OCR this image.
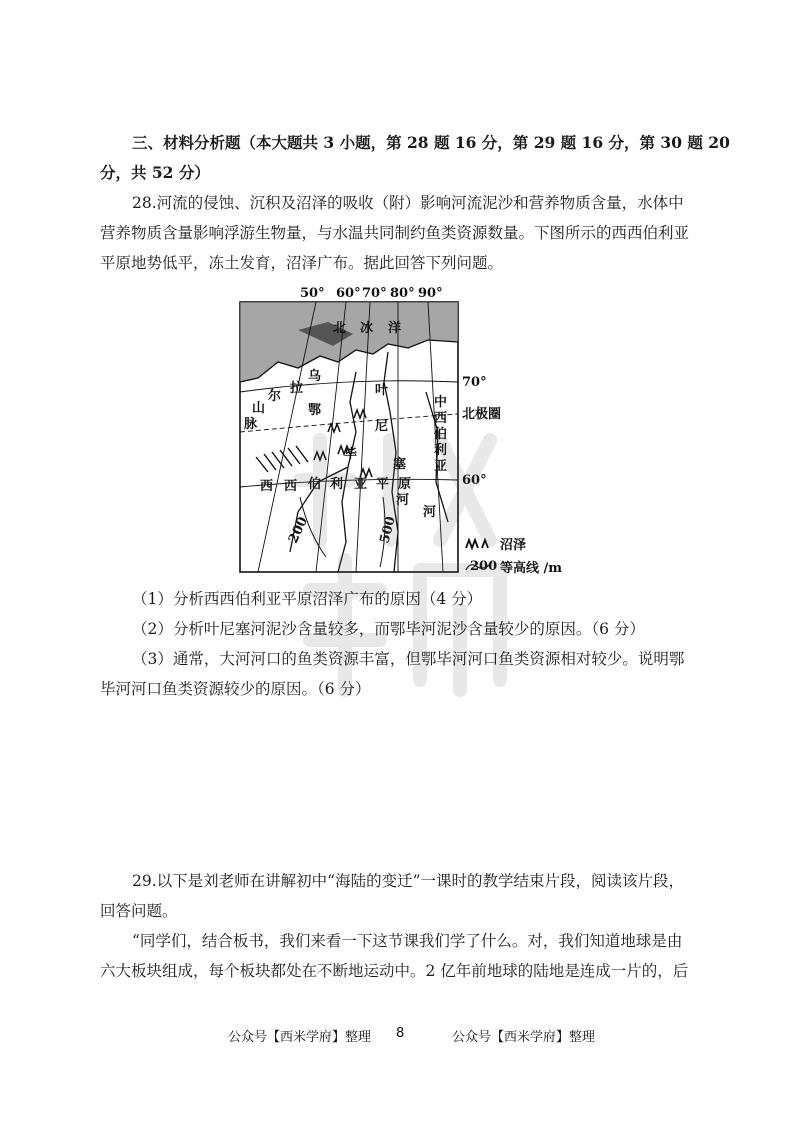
三、材料分析题（本大题共 3 小题，第 28 题 16 分，第 29 题 16 分，第 30 题 20
分，共 52 分）

28.河流的侵蚀、沉积及沼泽的吸收（附）影响河流泥沙和营养物质含量，水体中
营养物质含量影响浮游生物量，与水温共同制约鱼类资源数量。下图所示的西西伯利亚
平原地势低平，冻土发育，沼泽广布。据此回答下列问题。

50° 60° 70° 80° 90°
70°
北极圈
60°
北 冰 洋
乌
拉
尔
山
脉
鄂
毕
叶
尼
塞
河
河
西 西 伯 利 亚 平 原
中
西
伯
利
亚
200	500
沼泽
200 等高线 /m

（1）分析西西伯利亚平原沼泽广布的原因（4 分）
（2）分析叶尼塞河泥沙含量较多，而鄂毕河泥沙含量较少的原因。（6 分）
（3）通常，大河河口的鱼类资源丰富，但鄂毕河河口鱼类资源相对较少。说明鄂
毕河河口鱼类资源较少的原因。（6 分）

29.以下是刘老师在讲解初中“海陆的变迁”一课时的教学结束片段，阅读该片段，
回答问题。
“同学们，结合板书，我们来看一下这节课我们学了什么。对，我们知道地球是由
六大板块组成，每个板块都处在不断地运动中。2 亿年前地球的陆地是连成一片的，后

公众号【西米学府】整理 8	公众号【西米学府】整理
